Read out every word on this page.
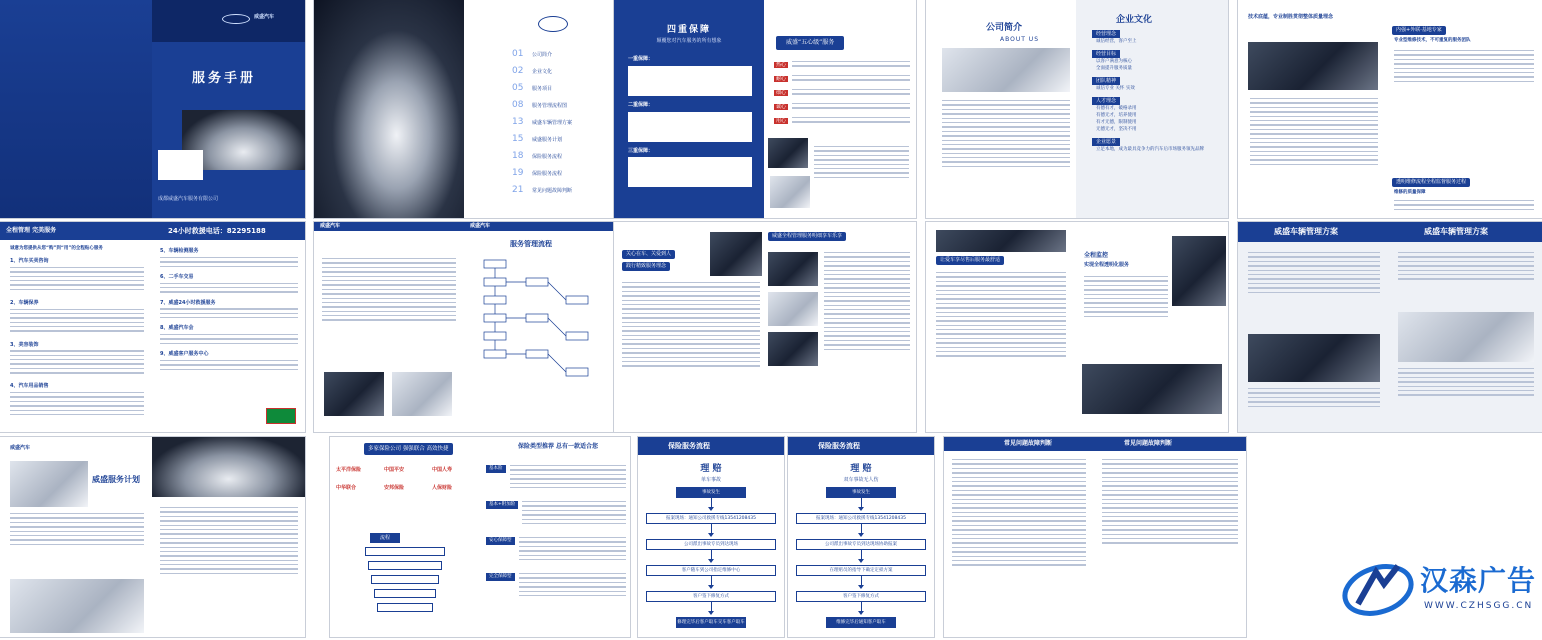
威盛汽车
服务手册
成都威盛汽车服务有限公司
01	公司简介
02	企业文化
05	服务项目
08	服务管理流程图
13	威盛车辆管理方案
15	威盛服务计划
18	保险服务流程
19	保险服务流程
21	常见问题故障判断
四重保障
颠覆您对汽车服务的所有想象
一重保障：
二重保障：
三重保障：
威盛“五心级”服务
热心
耐心
细心
诚心
用心
公司简介
ABOUT US
企业文化
经营理念
诚信经营，客户至上
经营目标
以客户满意为核心
全面提升服务质量
团队精神
诚信专业 关怀 实效
人才理念
有德有才，破格录用
有德无才，培养使用
有才无德，限制使用
无德无才，坚决不用
企业愿景
立足本地，成为最具竞争力的汽车后市场服务领先品牌
技术底蕴，专业制胜贯彻整体质量理念
内强+外联·基地专家
专业型维修技术，不可重复的服务团队
透明维修流程全程监督服务过程
维修的质量保障
全程管理 完美服务	24小时救援电话：82295188
诚意为您提供从您“购”到“用”的全程贴心服务
1、汽车买卖咨询
2、车辆保养
3、美容装饰
4、汽车用品销售
5、车辆检测服务
6、二手车交易
7、威盛24小时救援服务
8、威盛汽车会
9、威盛客户服务中心
威盛汽车	威盛汽车
服务管理流程
关心在车、关爱到人
践行精致服务理念
威盛全程管理服务明细享车乐享
让爱车享尽售后服务最舒适
全程监控
实现全程透明化服务
威盛车辆管理方案	威盛车辆管理方案
威盛汽车
威盛服务计划
多家保险公司 强强联合 高效快捷
太平洋保险	中国平安	中国人寿
中华联合	安邦保险	人保财险
流程
保险类型推荐 总有一款适合您
基本险
基本+附加险
安心保障型
完全保障型
保险服务流程
理 赔
单车事故
事故发生
报案现场：通知公司救援专线13541208435
公司派出事故专员到达现场
客户随车到公司指定维修中心
客户签下修复方式
修理完毕后客户取车交车客户取车
保险服务流程
理 赔
双车事故无人伤
事故发生
报案现场：通知公司救援专线13541208435
公司派出事故专员到达现场协助报案
在理赔员的指导下确定定损方案
客户签下修复方式
维修完毕后通知客户取车
常见问题故障判断	常见问题故障判断
汉森广告
WWW.CZHSGG.CN
